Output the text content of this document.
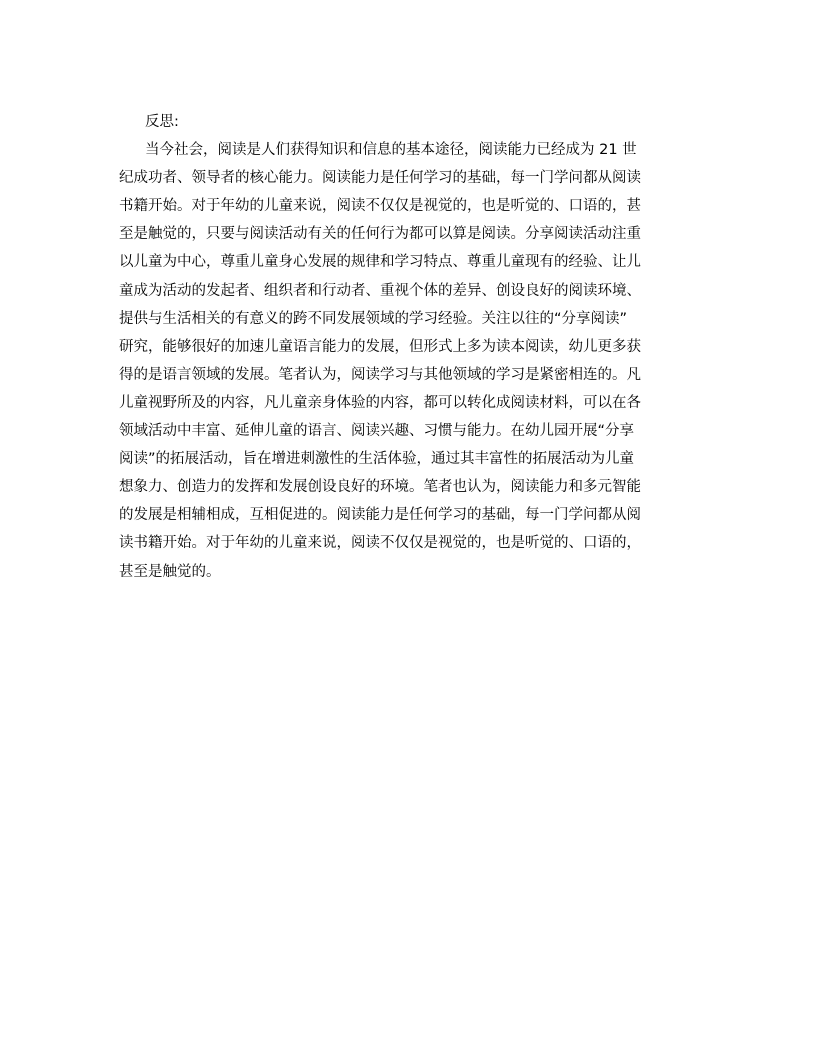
反思:
当今社会，阅读是人们获得知识和信息的基本途径，阅读能力已经成为 21 世
纪成功者、领导者的核心能力。阅读能力是任何学习的基础，每一门学问都从阅读
书籍开始。对于年幼的儿童来说，阅读不仅仅是视觉的，也是听觉的、口语的，甚
至是触觉的，只要与阅读活动有关的任何行为都可以算是阅读。分享阅读活动注重
以儿童为中心，尊重儿童身心发展的规律和学习特点、尊重儿童现有的经验、让儿
童成为活动的发起者、组织者和行动者、重视个体的差异、创设良好的阅读环境、
提供与生活相关的有意义的跨不同发展领域的学习经验。关注以往的“分享阅读”
研究，能够很好的加速儿童语言能力的发展，但形式上多为读本阅读，幼儿更多获
得的是语言领域的发展。笔者认为，阅读学习与其他领域的学习是紧密相连的。凡
儿童视野所及的内容，凡儿童亲身体验的内容，都可以转化成阅读材料，可以在各
领域活动中丰富、延伸儿童的语言、阅读兴趣、习惯与能力。在幼儿园开展“分享
阅读”的拓展活动，旨在增进刺激性的生活体验，通过其丰富性的拓展活动为儿童
想象力、创造力的发挥和发展创设良好的环境。笔者也认为，阅读能力和多元智能
的发展是相辅相成，互相促进的。阅读能力是任何学习的基础，每一门学问都从阅
读书籍开始。对于年幼的儿童来说，阅读不仅仅是视觉的，也是听觉的、口语的，
甚至是触觉的。
